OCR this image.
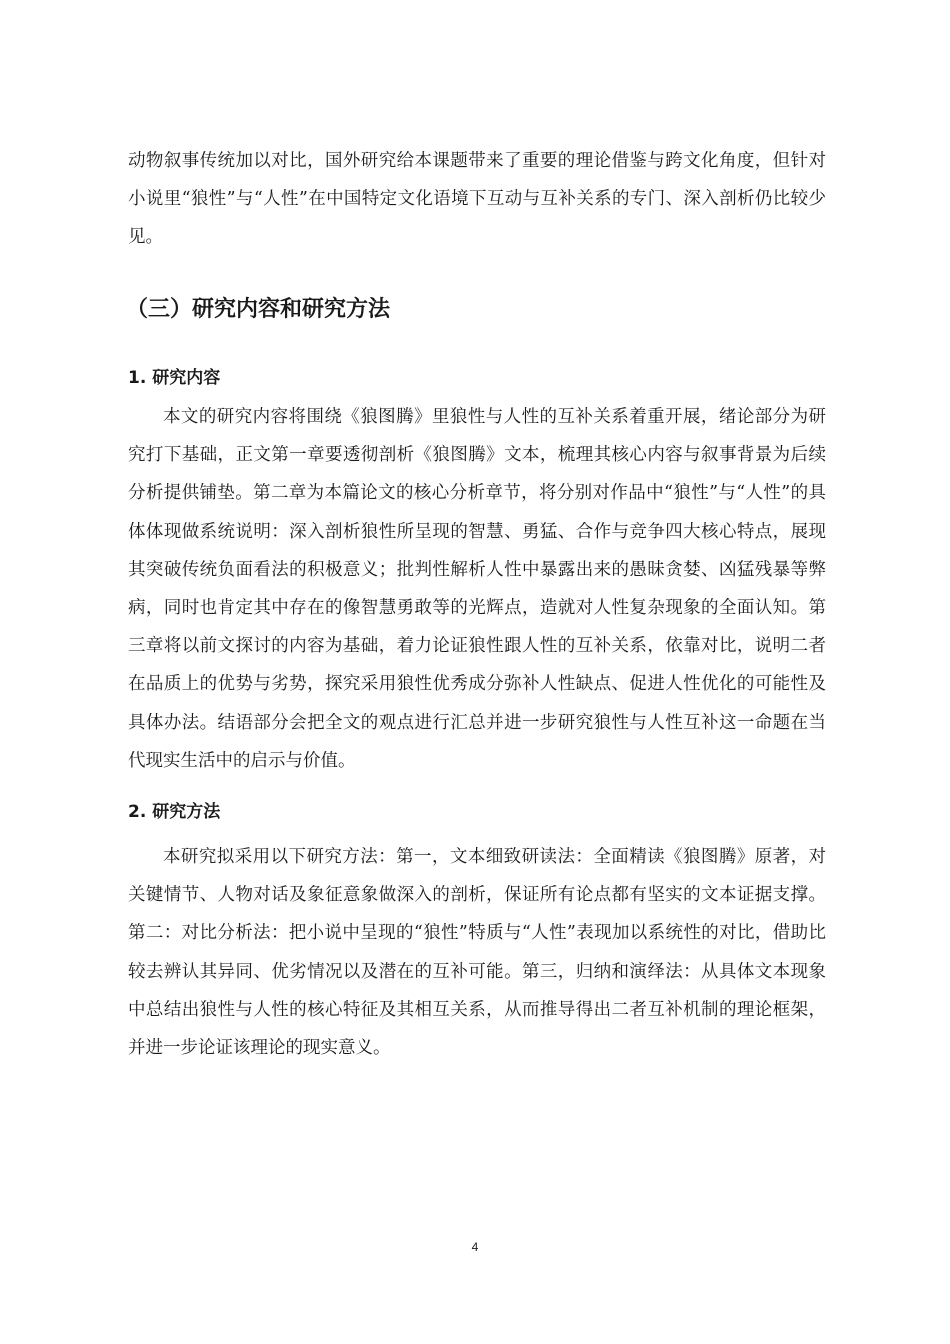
动物叙事传统加以对比，国外研究给本课题带来了重要的理论借鉴与跨文化角度，但针对小说里“狼性”与“人性”在中国特定文化语境下互动与互补关系的专门、深入剖析仍比较少见。

（三）研究内容和研究方法
1. 研究内容

本文的研究内容将围绕《狼图腾》里狼性与人性的互补关系着重开展，绪论部分为研究打下基础，正文第一章要透彻剖析《狼图腾》文本，梳理其核心内容与叙事背景为后续分析提供铺垫。第二章为本篇论文的核心分析章节，将分别对作品中“狼性”与“人性”的具体体现做系统说明：深入剖析狼性所呈现的智慧、勇猛、合作与竞争四大核心特点，展现其突破传统负面看法的积极意义；批判性解析人性中暴露出来的愚昧贪婪、凶猛残暴等弊病，同时也肯定其中存在的像智慧勇敢等的光辉点，造就对人性复杂现象的全面认知。第三章将以前文探讨的内容为基础，着力论证狼性跟人性的互补关系，依靠对比，说明二者在品质上的优势与劣势，探究采用狼性优秀成分弥补人性缺点、促进人性优化的可能性及具体办法。结语部分会把全文的观点进行汇总并进一步研究狼性与人性互补这一命题在当代现实生活中的启示与价值。

2. 研究方法

本研究拟采用以下研究方法：第一，文本细致研读法：全面精读《狼图腾》原著，对关键情节、人物对话及象征意象做深入的剖析，保证所有论点都有坚实的文本证据支撑。第二：对比分析法：把小说中呈现的“狼性”特质与“人性”表现加以系统性的对比，借助比较去辨认其异同、优劣情况以及潜在的互补可能。第三，归纳和演绎法：从具体文本现象中总结出狼性与人性的核心特征及其相互关系，从而推导得出二者互补机制的理论框架，并进一步论证该理论的现实意义。

4
